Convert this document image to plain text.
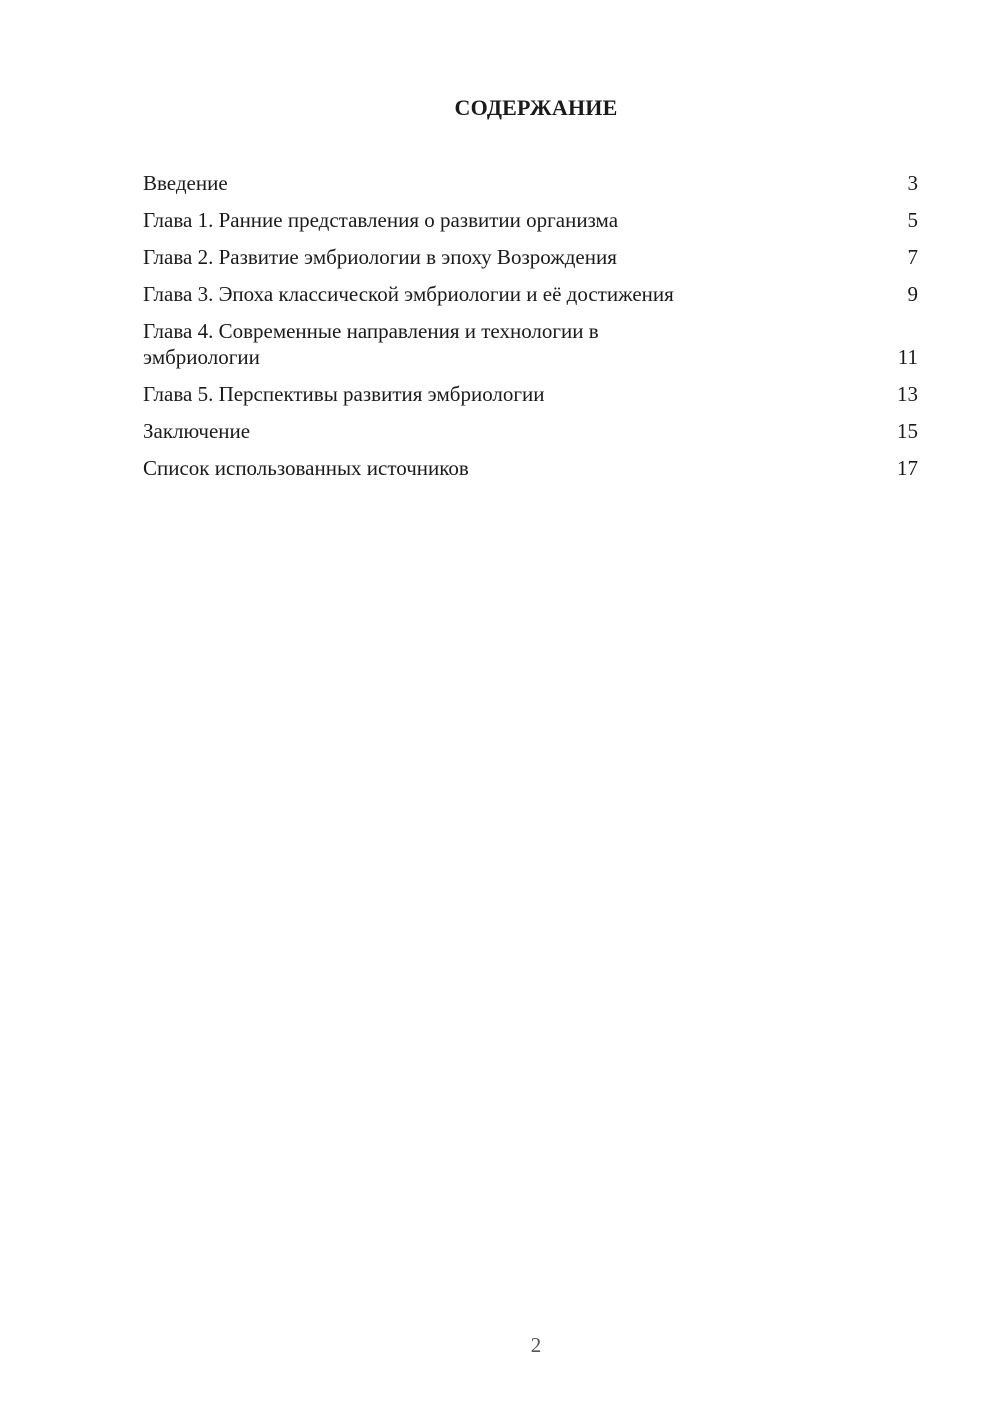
СОДЕРЖАНИЕ
Введение	3
Глава 1. Ранние представления о развитии организма	5
Глава 2. Развитие эмбриологии в эпоху Возрождения	7
Глава 3. Эпоха классической эмбриологии и её достижения	9
Глава 4. Современные направления и технологии в эмбриологии	11
Глава 5. Перспективы развития эмбриологии	13
Заключение	15
Список использованных источников	17
2
